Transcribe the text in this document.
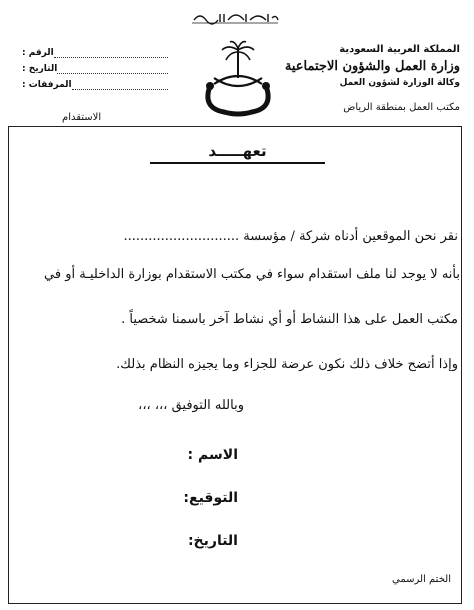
المملكة العربية السعودية
وزارة العمل والشؤون الاجتماعية
وكالة الوزارة لشؤون العمل
مكتب العمل بمنطقة الرياض
الرقم :
التاريخ :
المرفقات :
الاستقدام
تعهـــــد
نقر نحن الموقعين أدناه شركة / مؤسسة ............................
بأنه لا يوجد لنا ملف استقدام سواء في مكتب الاستقدام بوزارة الداخليـة أو في
مكتب العمل على هذا النشاط أو أي نشاط آخر باسمنا شخصياً .
وإذا أتضح خلاف ذلك نكون عرضة للجزاء وما يجيزه النظام بذلك.
وبالله التوفيق ،،، ،،،
الاسم :
التوقيع:
التاريخ:
الختم الرسمي
